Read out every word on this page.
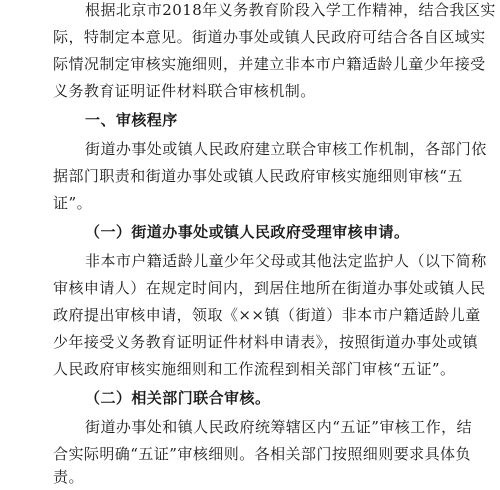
根据北京市2018年义务教育阶段入学工作精神，结合我区实
际，特制定本意见。街道办事处或镇人民政府可结合各自区域实
际情况制定审核实施细则，并建立非本市户籍适龄儿童少年接受
义务教育证明证件材料联合审核机制。
一、审核程序
街道办事处或镇人民政府建立联合审核工作机制，各部门依
据部门职责和街道办事处或镇人民政府审核实施细则审核“五
证”。
（一）街道办事处或镇人民政府受理审核申请。
非本市户籍适龄儿童少年父母或其他法定监护人（以下简称
审核申请人）在规定时间内，到居住地所在街道办事处或镇人民
政府提出审核申请，领取《××镇（街道）非本市户籍适龄儿童
少年接受义务教育证明证件材料申请表》，按照街道办事处或镇
人民政府审核实施细则和工作流程到相关部门审核“五证”。
（二）相关部门联合审核。
街道办事处和镇人民政府统筹辖区内“五证”审核工作，结
合实际明确“五证”审核细则。各相关部门按照细则要求具体负
责。
